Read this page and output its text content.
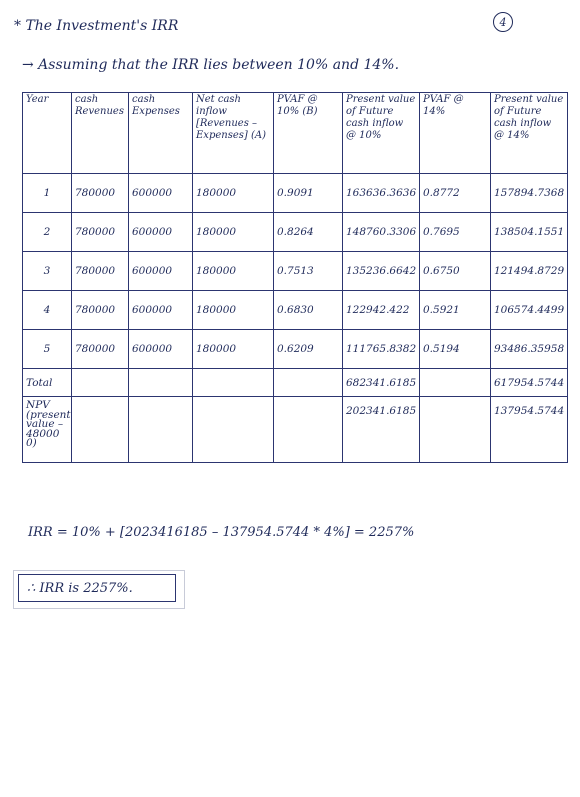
4
* The Investment's IRR
→ Assuming that the IRR lies between 10% and 14%.
Year	cash Revenues	cash Expenses	Net cash inflow [Revenues – Expenses] (A)	PVAF @ 10% (B)	Present value of Future cash inflow @ 10%	PVAF @ 14%	Present value of Future cash inflow @ 14%
1	780000	600000	180000	0.9091	163636.3636	0.8772	157894.7368
2	780000	600000	180000	0.8264	148760.3306	0.7695	138504.1551
3	780000	600000	180000	0.7513	135236.6642	0.6750	121494.8729
4	780000	600000	180000	0.6830	122942.422	0.5921	106574.4499
5	780000	600000	180000	0.6209	111765.8382	0.5194	93486.35958
Total					682341.6185		617954.5744
NPV (present value – 48000 0)					202341.6185		137954.5744
IRR = 10% + [2023416185 – 137954.5744 * 4%] = 2257%
∴ IRR is 2257%.
